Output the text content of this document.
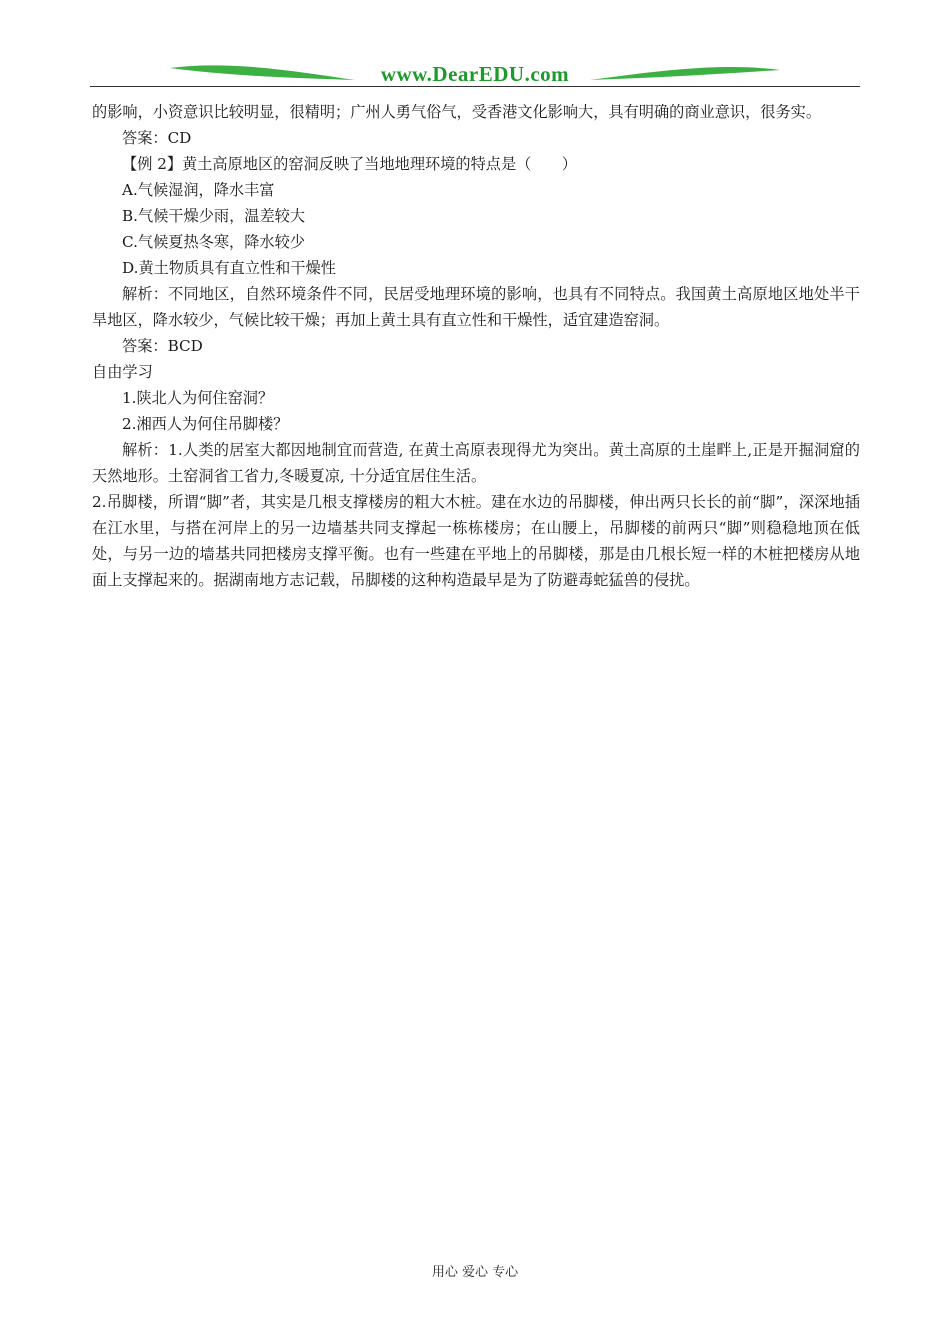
www.DearEDU.com

的影响，小资意识比较明显，很精明；广州人勇气俗气，受香港文化影响大，具有明确的商业意识，很务实。

答案：CD

【例 2】黄土高原地区的窑洞反映了当地地理环境的特点是（　　）

A.气候湿润，降水丰富

B.气候干燥少雨，温差较大

C.气候夏热冬寒，降水较少

D.黄土物质具有直立性和干燥性

解析：不同地区，自然环境条件不同，民居受地理环境的影响，也具有不同特点。我国黄土高原地区地处半干旱地区，降水较少，气候比较干燥；再加上黄土具有直立性和干燥性，适宜建造窑洞。

答案：BCD

自由学习

1.陕北人为何住窑洞？

2.湘西人为何住吊脚楼？

解析：1.人类的居室大都因地制宜而营造, 在黄土高原表现得尤为突出。黄土高原的土崖畔上,正是开掘洞窟的天然地形。土窑洞省工省力,冬暖夏凉, 十分适宜居住生活。

2.吊脚楼，所谓“脚”者，其实是几根支撑楼房的粗大木桩。建在水边的吊脚楼，伸出两只长长的前“脚”，深深地插在江水里，与搭在河岸上的另一边墙基共同支撑起一栋栋楼房；在山腰上，吊脚楼的前两只“脚”则稳稳地顶在低处，与另一边的墙基共同把楼房支撑平衡。也有一些建在平地上的吊脚楼，那是由几根长短一样的木桩把楼房从地面上支撑起来的。据湖南地方志记载，吊脚楼的这种构造最早是为了防避毒蛇猛兽的侵扰。

用心 爱心 专心
